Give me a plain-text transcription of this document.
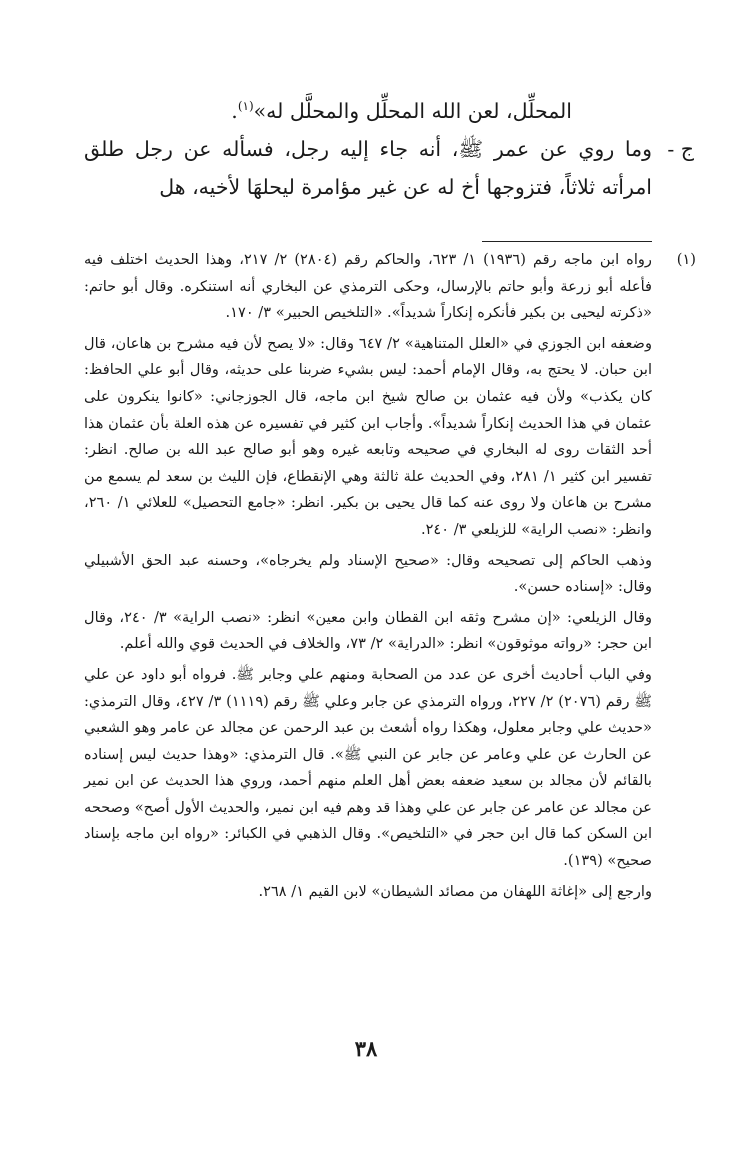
المحلِّل، لعن الله المحلِّل والمحلَّل له»$^{(١)}$.

ج -

وما روي عن عمر ﷺ، أنه جاء إليه رجل، فسأله عن رجل طلق امرأته ثلاثاً، فتزوجها أخ له عن غير مؤامرة ليحلهَا لأخيه، هل

(١)

رواه ابن ماجه رقم (١٩٣٦) ١/ ٦٢٣، والحاكم رقم (٢٨٠٤) ٢/ ٢١٧، وهذا الحديث اختلف فيه فأعله أبو زرعة وأبو حاتم بالإرسال، وحكى الترمذي عن البخاري أنه استنكره. وقال أبو حاتم: «ذكرته ليحيى بن بكير فأنكره إنكاراً شديداً». «التلخيص الحبير» ٣/ ١٧٠.

وضعفه ابن الجوزي في «العلل المتناهية» ٢/ ٦٤٧ وقال: «لا يصح لأن فيه مشرح بن هاعان، قال ابن حبان. لا يحتج به، وقال الإمام أحمد: ليس بشيء ضربنا على حديثه، وقال أبو علي الحافظ: كان يكذب» ولأن فيه عثمان بن صالح شيخ ابن ماجه، قال الجوزجاني: «كانوا ينكرون على عثمان في هذا الحديث إنكاراً شديداً». وأجاب ابن كثير في تفسيره عن هذه العلة بأن عثمان هذا أحد الثقات روى له البخاري في صحيحه وتابعه غيره وهو أبو صالح عبد الله بن صالح. انظر: تفسير ابن كثير ١/ ٢٨١، وفي الحديث علة ثالثة وهي الإنقطاع، فإن الليث بن سعد لم يسمع من مشرح بن هاعان ولا روى عنه كما قال يحيى بن بكير. انظر: «جامع التحصيل» للعلائي ١/ ٢٦٠، وانظر: «نصب الراية» للزيلعي ٣/ ٢٤٠.

وذهب الحاكم إلى تصحيحه وقال: «صحيح الإسناد ولم يخرجاه»، وحسنه عبد الحق الأشبيلي وقال: «إسناده حسن».

وقال الزيلعي: «إن مشرح وثقه ابن القطان وابن معين» انظر: «نصب الراية» ٣/ ٢٤٠، وقال ابن حجر: «رواته موثوقون» انظر: «الدراية» ٢/ ٧٣، والخلاف في الحديث قوي والله أعلم.

وفي الباب أحاديث أخرى عن عدد من الصحابة ومنهم علي وجابر ﷺ. فرواه أبو داود عن علي ﷺ رقم (٢٠٧٦) ٢/ ٢٢٧، ورواه الترمذي عن جابر وعلي ﷺ رقم (١١١٩) ٣/ ٤٢٧، وقال الترمذي: «حديث علي وجابر معلول، وهكذا رواه أشعث بن عبد الرحمن عن مجالد عن عامر وهو الشعبي عن الحارث عن علي وعامر عن جابر عن النبي ﷺ». قال الترمذي: «وهذا حديث ليس إسناده بالقائم لأن مجالد بن سعيد ضعفه بعض أهل العلم منهم أحمد، وروي هذا الحديث عن ابن نمير عن مجالد عن عامر عن جابر عن علي وهذا قد وهم فيه ابن نمير، والحديث الأول أصح» وصححه ابن السكن كما قال ابن حجر في «التلخيص». وقال الذهبي في الكبائر: «رواه ابن ماجه بإسناد صحيح» (١٣٩).

وارجع إلى «إغاثة اللهفان من مصائد الشيطان» لابن القيم ١/ ٢٦٨.

٣٨
